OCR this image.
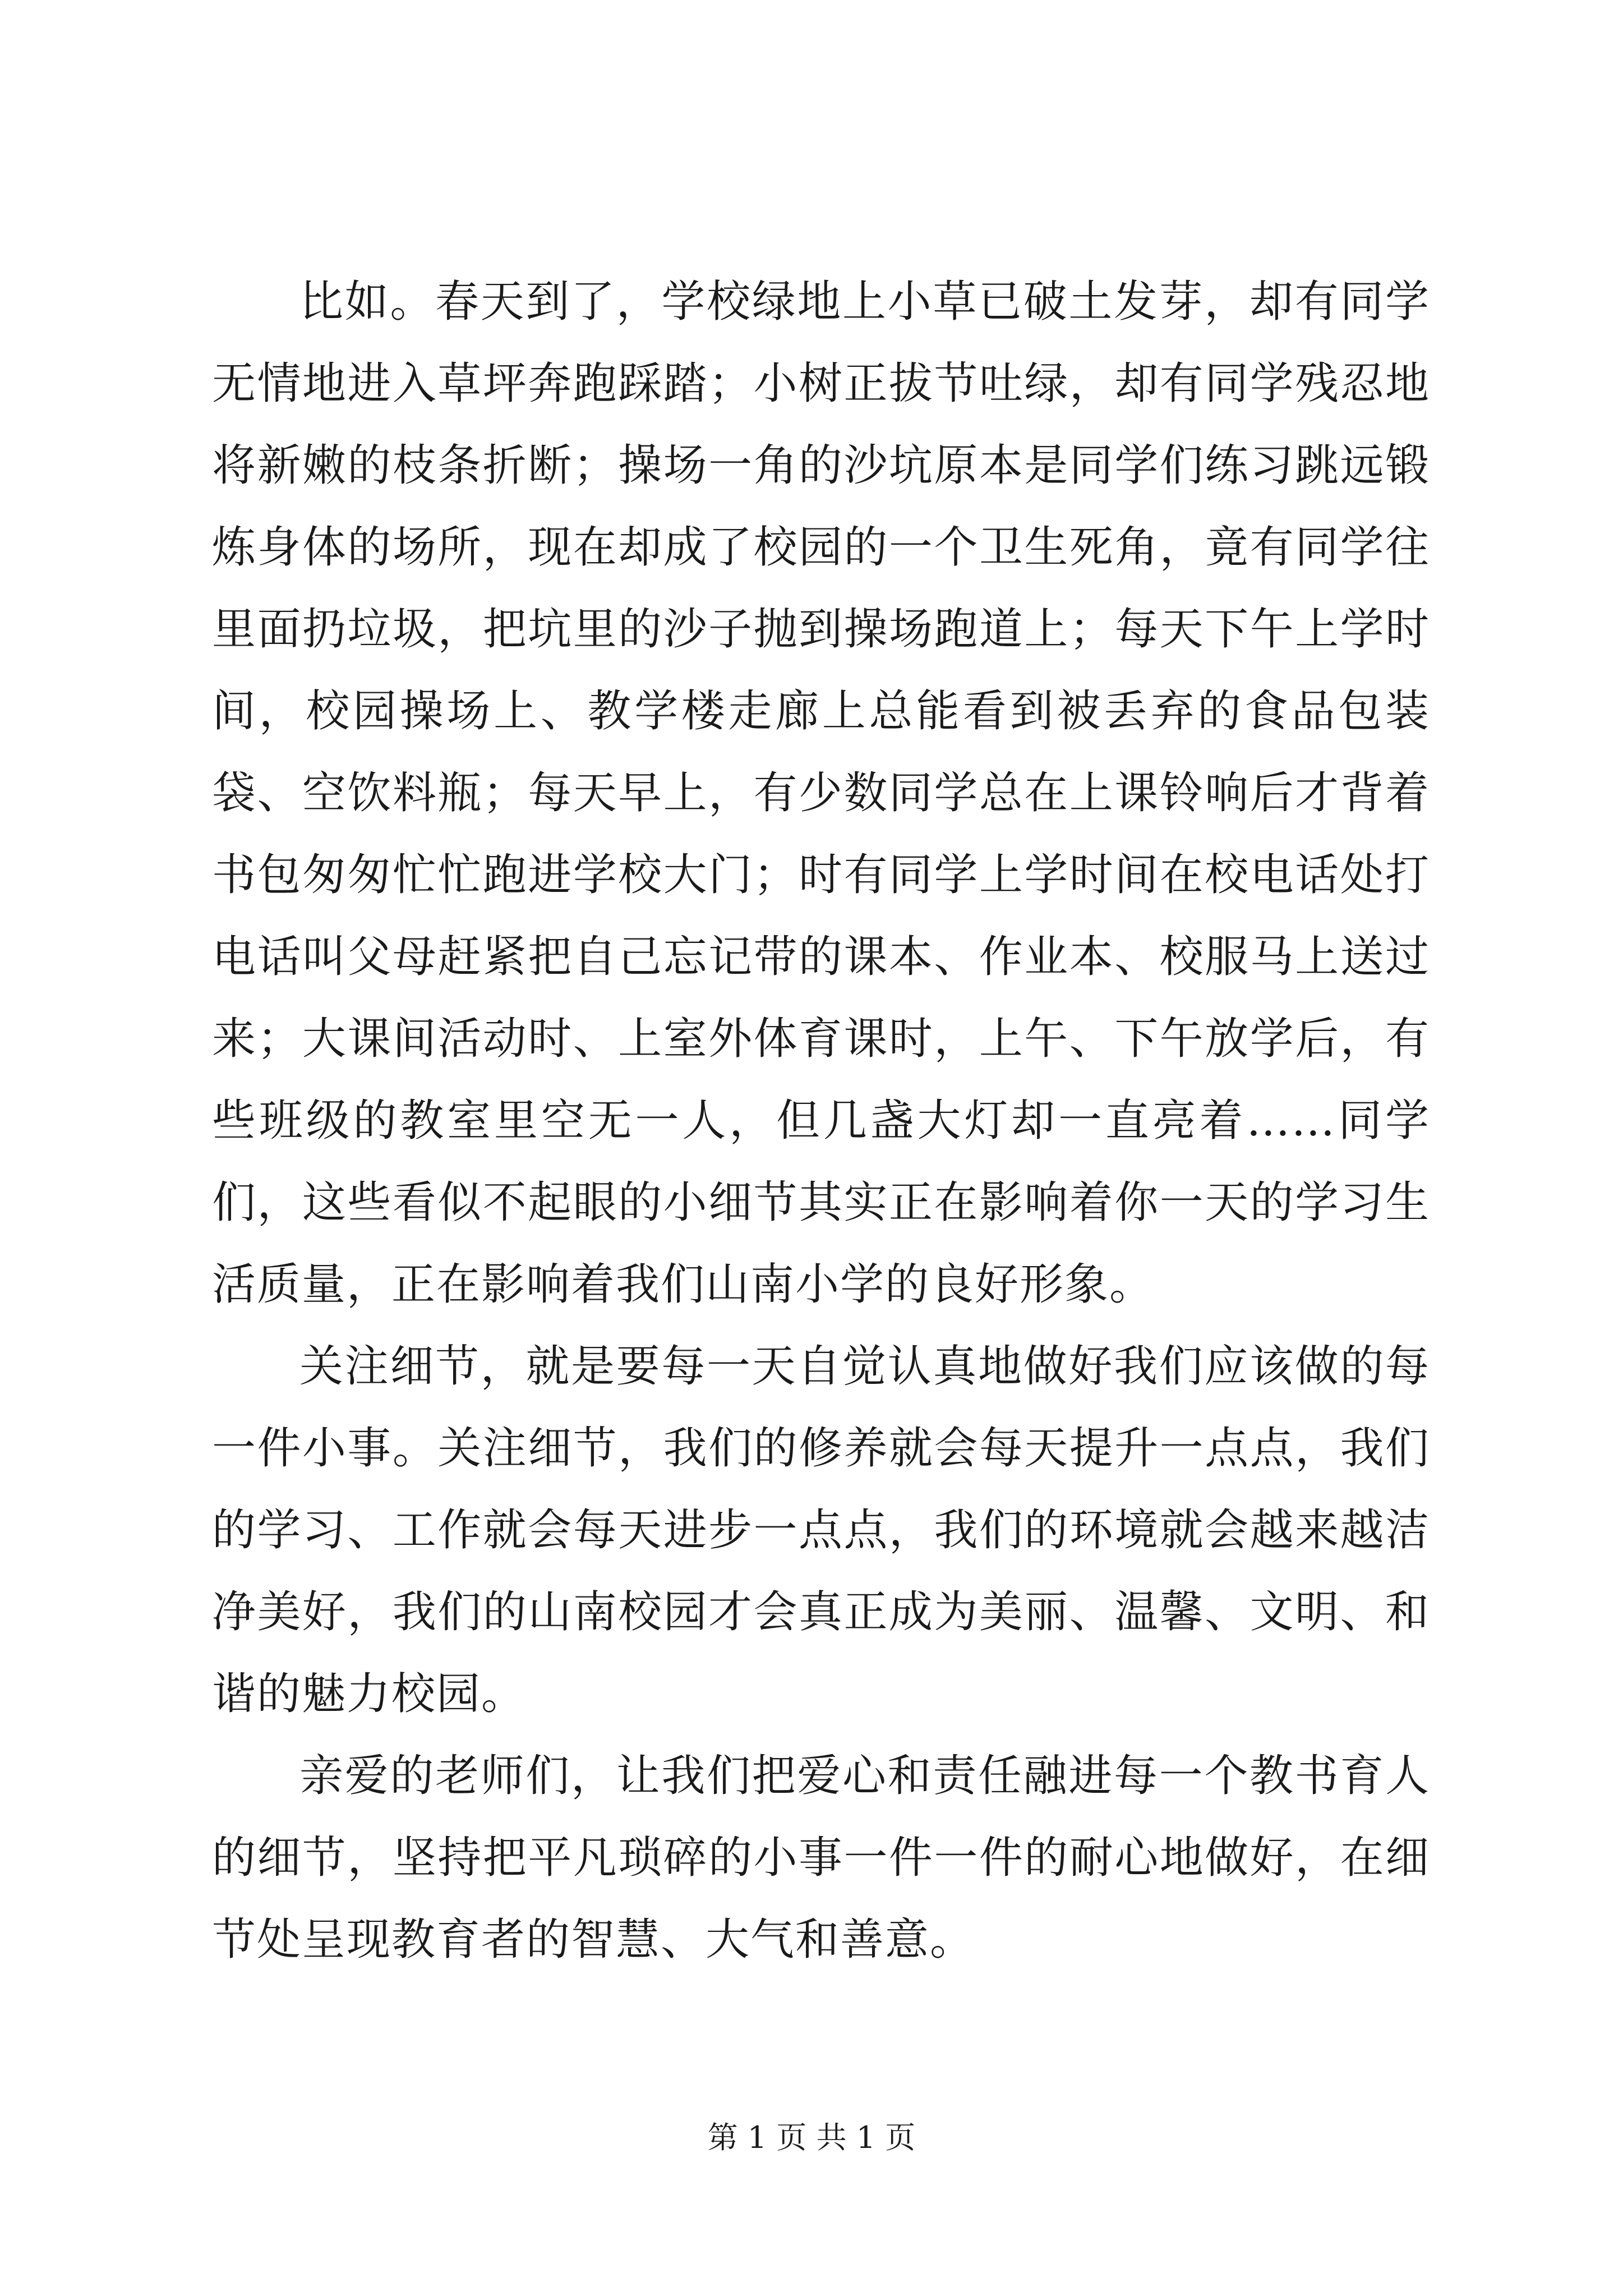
比如。春天到了，学校绿地上小草已破土发芽，却有同学无情地进入草坪奔跑踩踏；小树正拔节吐绿，却有同学残忍地将新嫩的枝条折断；操场一角的沙坑原本是同学们练习跳远锻炼身体的场所，现在却成了校园的一个卫生死角，竟有同学往里面扔垃圾，把坑里的沙子抛到操场跑道上；每天下午上学时间，校园操场上、教学楼走廊上总能看到被丢弃的食品包装袋、空饮料瓶；每天早上，有少数同学总在上课铃响后才背着书包匆匆忙忙跑进学校大门；时有同学上学时间在校电话处打电话叫父母赶紧把自己忘记带的课本、作业本、校服马上送过来；大课间活动时、上室外体育课时，上午、下午放学后，有些班级的教室里空无一人，但几盏大灯却一直亮着……同学们，这些看似不起眼的小细节其实正在影响着你一天的学习生活质量，正在影响着我们山南小学的良好形象。

关注细节，就是要每一天自觉认真地做好我们应该做的每一件小事。关注细节，我们的修养就会每天提升一点点，我们的学习、工作就会每天进步一点点，我们的环境就会越来越洁净美好，我们的山南校园才会真正成为美丽、温馨、文明、和谐的魅力校园。

亲爱的老师们，让我们把爱心和责任融进每一个教书育人的细节，坚持把平凡琐碎的小事一件一件的耐心地做好，在细节处呈现教育者的智慧、大气和善意。

第 1 页 共 1 页
